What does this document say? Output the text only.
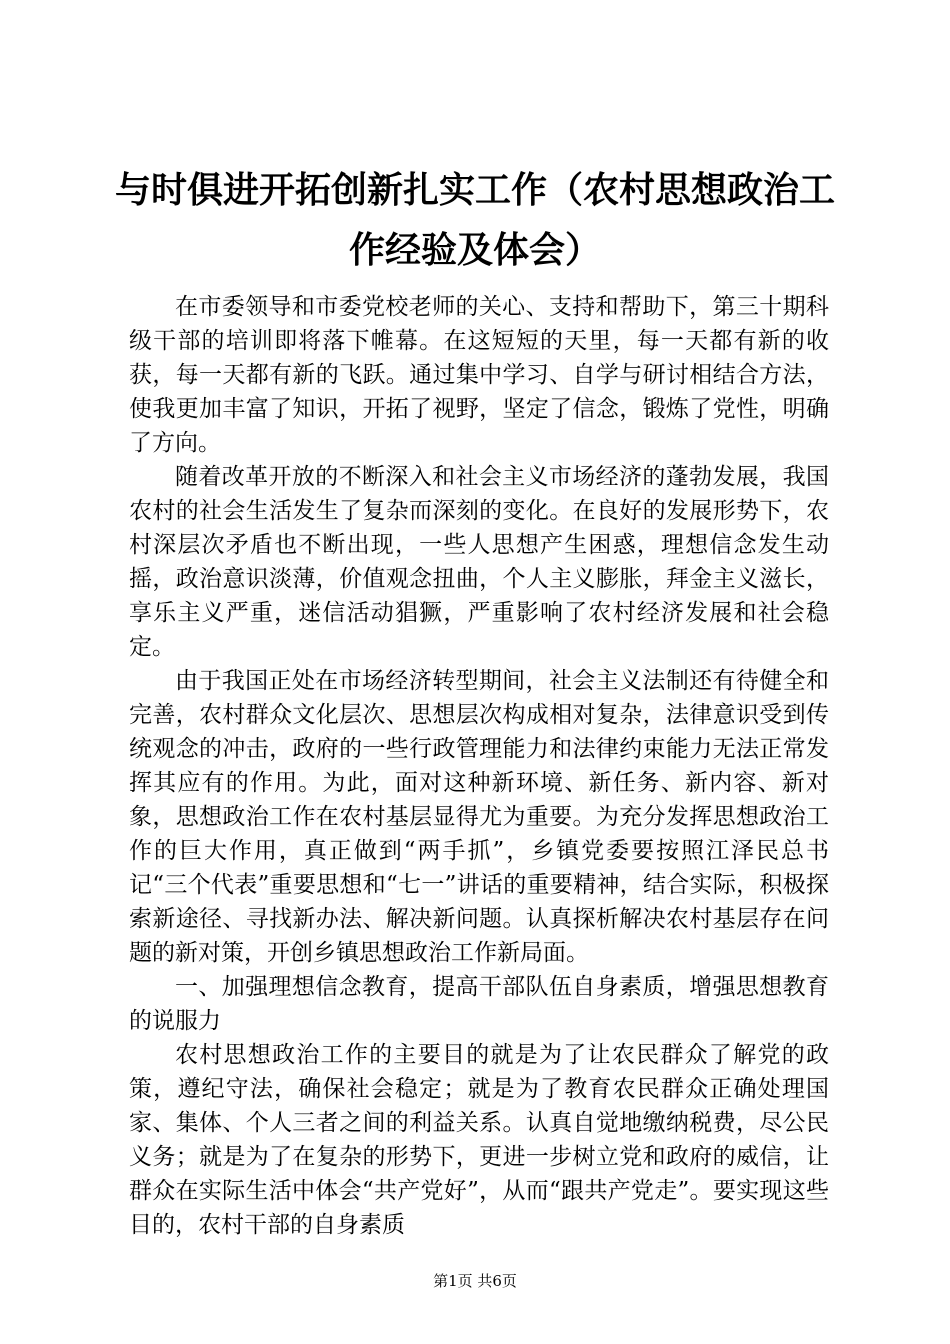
与时俱进开拓创新扎实工作（农村思想政治工作经验及体会）

在市委领导和市委党校老师的关心、支持和帮助下，第三十期科级干部的培训即将落下帷幕。在这短短的天里，每一天都有新的收获，每一天都有新的飞跃。通过集中学习、自学与研讨相结合方法，使我更加丰富了知识，开拓了视野，坚定了信念，锻炼了党性，明确了方向。

随着改革开放的不断深入和社会主义市场经济的蓬勃发展，我国农村的社会生活发生了复杂而深刻的变化。在良好的发展形势下，农村深层次矛盾也不断出现，一些人思想产生困惑，理想信念发生动摇，政治意识淡薄，价值观念扭曲，个人主义膨胀，拜金主义滋长，享乐主义严重，迷信活动猖獗，严重影响了农村经济发展和社会稳定。

由于我国正处在市场经济转型期间，社会主义法制还有待健全和完善，农村群众文化层次、思想层次构成相对复杂，法律意识受到传统观念的冲击，政府的一些行政管理能力和法律约束能力无法正常发挥其应有的作用。为此，面对这种新环境、新任务、新内容、新对象，思想政治工作在农村基层显得尤为重要。为充分发挥思想政治工作的巨大作用，真正做到“两手抓”，乡镇党委要按照江泽民总书记“三个代表”重要思想和“七一”讲话的重要精神，结合实际，积极探索新途径、寻找新办法、解决新问题。认真探析解决农村基层存在问题的新对策，开创乡镇思想政治工作新局面。

一、加强理想信念教育，提高干部队伍自身素质，增强思想教育的说服力

农村思想政治工作的主要目的就是为了让农民群众了解党的政策，遵纪守法，确保社会稳定；就是为了教育农民群众正确处理国家、集体、个人三者之间的利益关系。认真自觉地缴纳税费，尽公民义务；就是为了在复杂的形势下，更进一步树立党和政府的威信，让群众在实际生活中体会“共产党好”，从而“跟共产党走”。要实现这些目的，农村干部的自身素质

第1页 共6页
